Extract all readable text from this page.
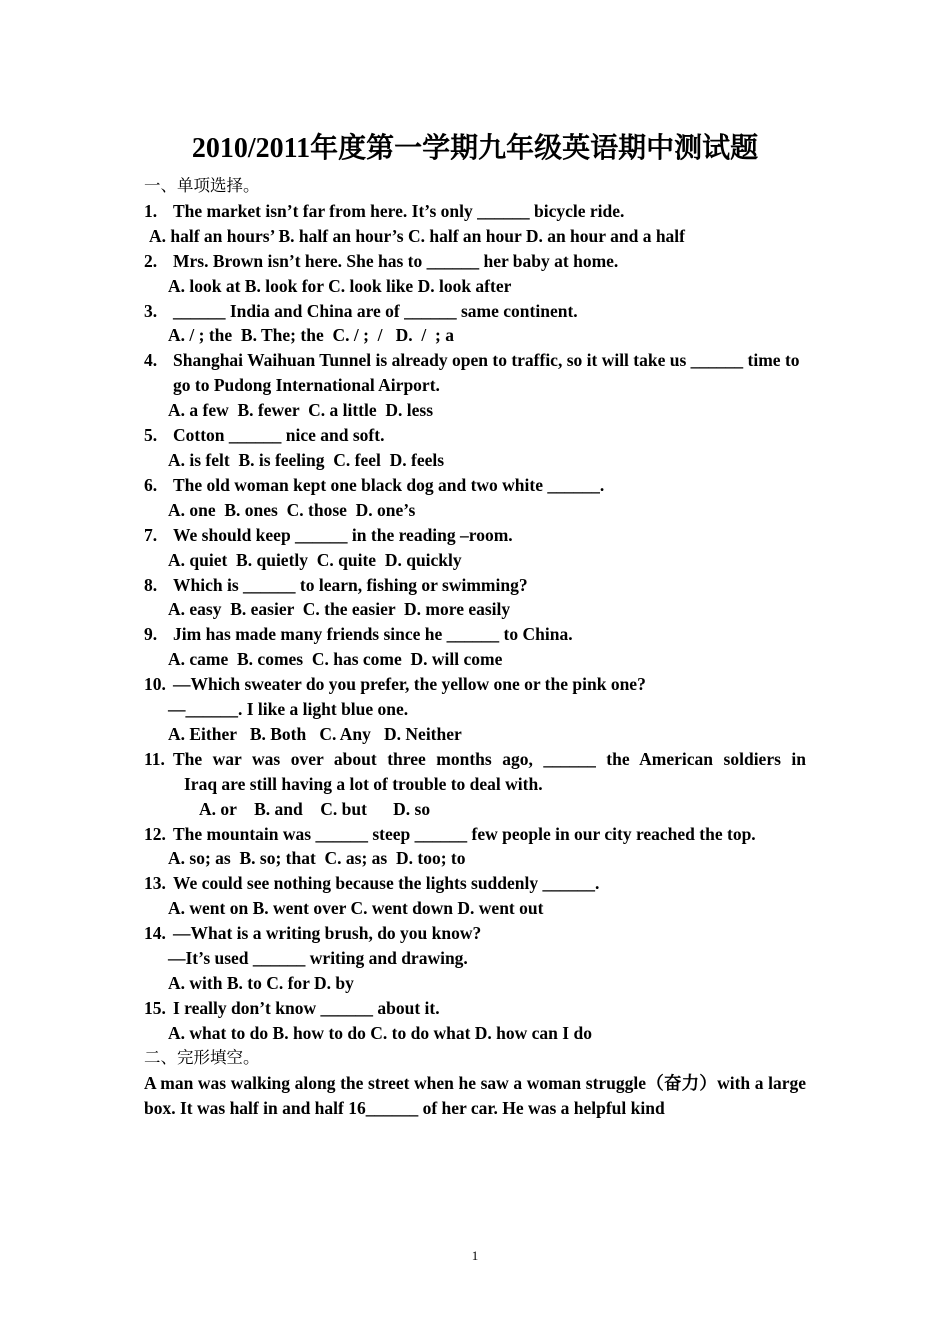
2010/2011年度第一学期九年级英语期中测试题
一、单项选择。
1. The market isn’t far from here. It’s only ______ bicycle ride.
A. half an hours’ B. half an hour’s C. half an hour D. an hour and a half
2. Mrs. Brown isn’t here. She has to ______ her baby at home.
A. look at B. look for C. look like D. look after
3. ______ India and China are of ______ same continent.
A. / ; the  B. The; the  C. / ;  /   D.  /  ; a
4. Shanghai Waihuan Tunnel is already open to traffic, so it will take us ______ time to go to Pudong International Airport.
A. a few  B. fewer  C. a little  D. less
5. Cotton ______ nice and soft.
A. is felt  B. is feeling  C. feel  D. feels
6. The old woman kept one black dog and two white ______.
A. one  B. ones  C. those  D. one’s
7. We should keep ______ in the reading –room.
A. quiet  B. quietly  C. quite  D. quickly
8. Which is ______ to learn, fishing or swimming?
A. easy  B. easier  C. the easier  D. more easily
9. Jim has made many friends since he ______ to China.
A. came  B. comes  C. has come  D. will come
10. —Which sweater do you prefer, the yellow one or the pink one?
—______. I like a light blue one.
A. Either   B. Both   C. Any   D. Neither
11. The war was over about three months ago, ______ the American soldiers in
Iraq are still having a lot of trouble to deal with.
A. or    B. and    C. but      D. so
12. The mountain was ______ steep ______ few people in our city reached the top.
A. so; as  B. so; that  C. as; as  D. too; to
13. We could see nothing because the lights suddenly ______.
A. went on B. went over C. went down D. went out
14. —What is a writing brush, do you know?
—It’s used ______ writing and drawing.
A. with B. to C. for D. by
15. I really don’t know ______ about it.
A. what to do B. how to do C. to do what D. how can I do
二、完形填空。
A man was walking along the street when he saw a woman struggle（奋力）with a large box. It was half in and half 16______ of her car. He was a helpful kind
1
